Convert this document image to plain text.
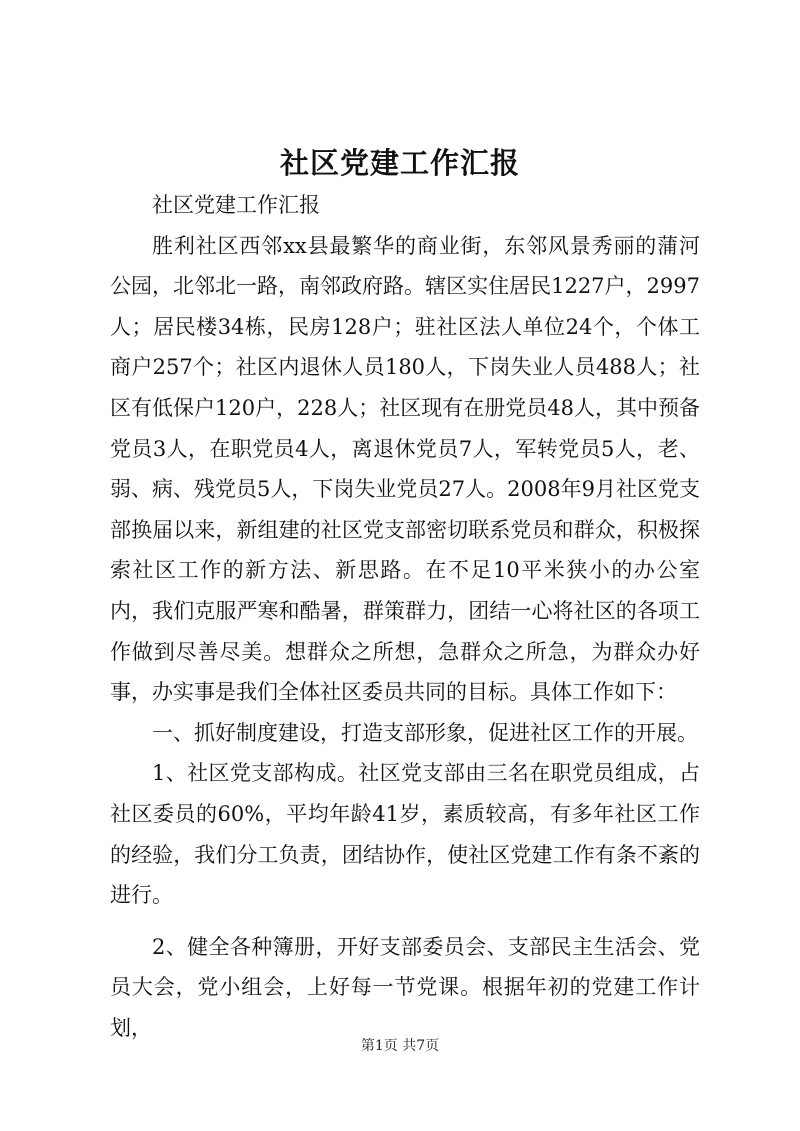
社区党建工作汇报

社区党建工作汇报

胜利社区西邻xx县最繁华的商业街，东邻风景秀丽的蒲河公园，北邻北一路，南邻政府路。辖区实住居民1227户，2997人；居民楼34栋，民房128户；驻社区法人单位24个，个体工商户257个；社区内退休人员180人，下岗失业人员488人；社区有低保户120户，228人；社区现有在册党员48人，其中预备党员3人，在职党员4人，离退休党员7人，军转党员5人，老、弱、病、残党员5人，下岗失业党员27人。2008年9月社区党支部换届以来，新组建的社区党支部密切联系党员和群众，积极探索社区工作的新方法、新思路。在不足10平米狭小的办公室内，我们克服严寒和酷暑，群策群力，团结一心将社区的各项工作做到尽善尽美。想群众之所想，急群众之所急，为群众办好事，办实事是我们全体社区委员共同的目标。具体工作如下：

一、抓好制度建设，打造支部形象，促进社区工作的开展。

1、社区党支部构成。社区党支部由三名在职党员组成，占社区委员的60%，平均年龄41岁，素质较高，有多年社区工作的经验，我们分工负责，团结协作，使社区党建工作有条不紊的进行。

2、健全各种簿册，开好支部委员会、支部民主生活会、党员大会，党小组会，上好每一节党课。根据年初的党建工作计划，

第1页 共7页
